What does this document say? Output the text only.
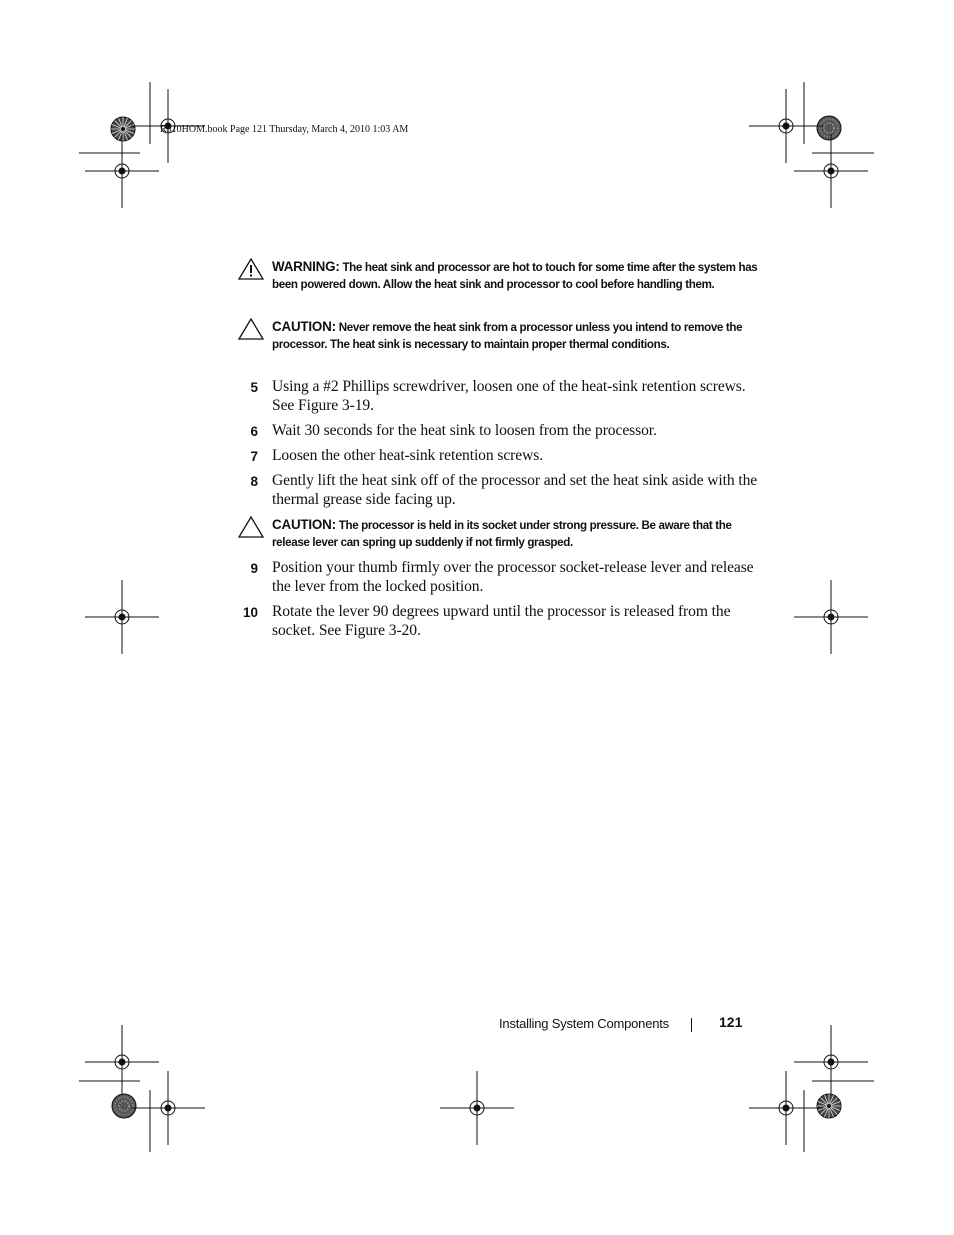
R310HOM.book Page 121 Thursday, March 4, 2010 1:03 AM
WARNING: The heat sink and processor are hot to touch for some time after the system has been powered down. Allow the heat sink and processor to cool before handling them.
CAUTION: Never remove the heat sink from a processor unless you intend to remove the processor. The heat sink is necessary to maintain proper thermal conditions.
5 Using a #2 Phillips screwdriver, loosen one of the heat-sink retention screws. See Figure 3-19.
6 Wait 30 seconds for the heat sink to loosen from the processor.
7 Loosen the other heat-sink retention screws.
8 Gently lift the heat sink off of the processor and set the heat sink aside with the thermal grease side facing up.
CAUTION: The processor is held in its socket under strong pressure. Be aware that the release lever can spring up suddenly if not firmly grasped.
9 Position your thumb firmly over the processor socket-release lever and release the lever from the locked position.
10 Rotate the lever 90 degrees upward until the processor is released from the socket. See Figure 3-20.
Installing System Components	121
